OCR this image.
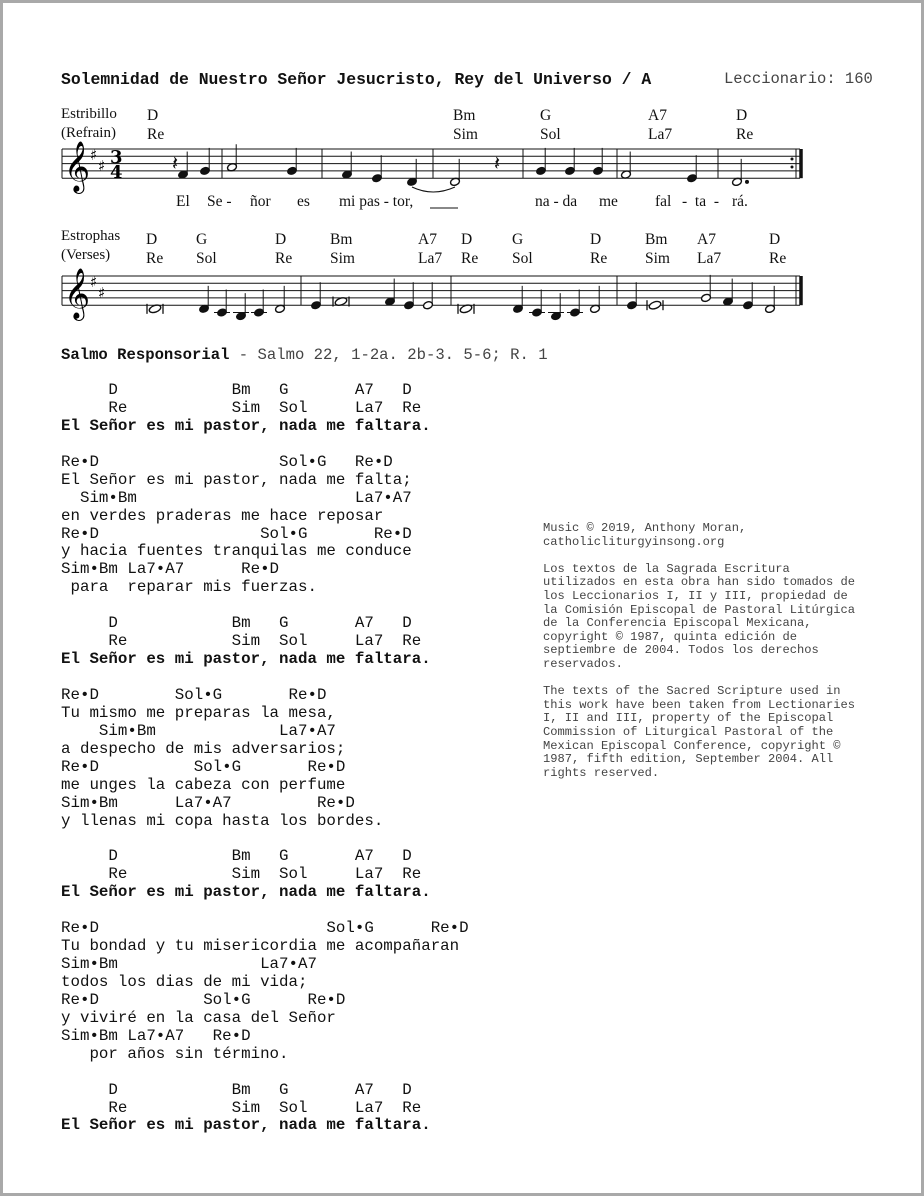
Solemnidad de Nuestro Señor Jesucristo, Rey del Universo / A	Leccionario: 160
Estribillo
(Refrain)
D	Bm	G	A7	D
Re	Sim	Sol	La7	Re
El Se - ñor es mi pas - tor,	na - da me fal -  ta  - rá.
Estrophas
(Verses)
D
Re
G
Sol
D
Re
Bm
Sim
A7
La7
D
Re
G
Sol
D
Re
Bm
Sim
A7
La7
D
Re
𝄞 ♯
♯ 3
4 𝄽	𝄽
𝄞 ♯
♯
Salmo Responsorial - Salmo 22, 1-2a. 2b-3. 5-6; R. 1
D            Bm   G       A7   D
Re           Sim  Sol     La7  Re
El Señor es mi pastor, nada me faltara.
Re•D                   Sol•G   Re•D
El Señor es mi pastor, nada me falta;
Sim•Bm                       La7•A7
en verdes praderas me hace reposar
Re•D                 Sol•G       Re•D
y hacia fuentes tranquilas me conduce
Sim•Bm La7•A7      Re•D
para  reparar mis fuerzas.
D            Bm   G       A7   D
Re           Sim  Sol     La7  Re
El Señor es mi pastor, nada me faltara.
Re•D        Sol•G       Re•D
Tu mismo me preparas la mesa,
Sim•Bm             La7•A7
a despecho de mis adversarios;
Re•D          Sol•G       Re•D
me unges la cabeza con perfume
Sim•Bm      La7•A7         Re•D
y llenas mi copa hasta los bordes.
D            Bm   G       A7   D
Re           Sim  Sol     La7  Re
El Señor es mi pastor, nada me faltara.
Re•D                        Sol•G      Re•D
Tu bondad y tu misericordia me acompañaran
Sim•Bm               La7•A7
todos los dias de mi vida;
Re•D           Sol•G      Re•D
y viviré en la casa del Señor
Sim•Bm La7•A7   Re•D
por años sin término.
D            Bm   G       A7   D
Re           Sim  Sol     La7  Re
El Señor es mi pastor, nada me faltara.

Music © 2019, Anthony Moran,
catholicliturgyinsong.org

Los textos de la Sagrada Escritura
utilizados en esta obra han sido tomados de
los Leccionarios I, II y III, propiedad de
la Comisión Episcopal de Pastoral Litúrgica
de la Conferencia Episcopal Mexicana,
copyright © 1987, quinta edición de
septiembre de 2004. Todos los derechos
reservados.

The texts of the Sacred Scripture used in
this work have been taken from Lectionaries
I, II and III, property of the Episcopal
Commission of Liturgical Pastoral of the
Mexican Episcopal Conference, copyright ©
1987, fifth edition, September 2004. All
rights reserved.
